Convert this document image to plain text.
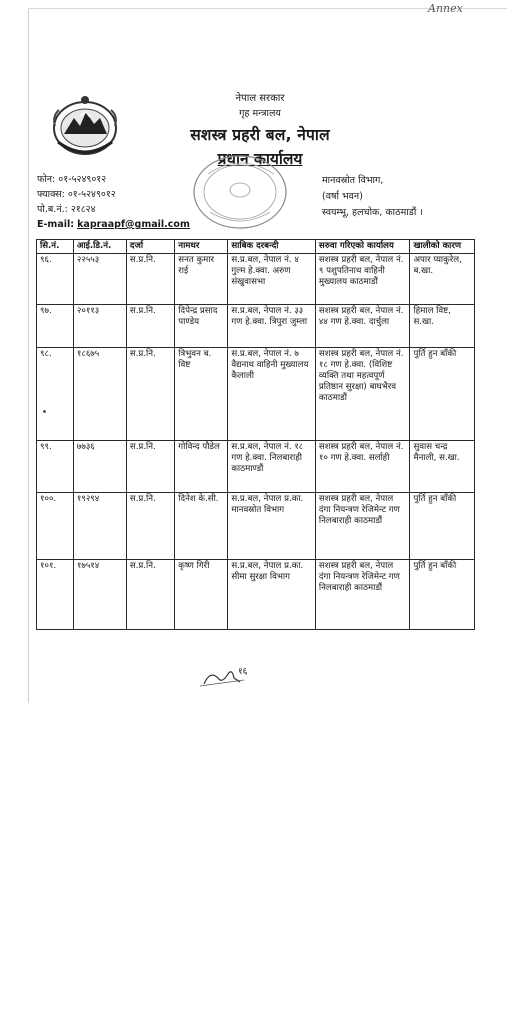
Annex
नेपाल सरकार
गृह मन्त्रालय
सशस्त्र प्रहरी बल, नेपाल
प्रधान कार्यालय
फोन: ०१-५२४९०१२
फ्याक्स: ०१-५२४९०१२
पो.ब.नं.: २१८२४
E-mail: kapraapf@gmail.com
मानवस्रोत विभाग,
(वर्षा भवन)
स्वयम्भू, हलचोक, काठमाडौं ।
सि.नं.	आई.डि.नं.	दर्जा	नामथर	साबिक दरबन्दी	सरुवा गरिएको कार्यालय	खालीको कारण
९६.	२२५५३	स.प्र.नि.	सनत कुमार राई	स.प्र.बल, नेपाल नं. ४ गुल्म हे.क्वा. अरुण संखुवासभा	सशस्त्र प्रहरी बल, नेपाल नं. ९ पशुपतिनाथ वाहिनी मुख्यालय काठमाडौं	अपार प्याकुरेल, ब.खा.
९७.	२०११३	स.प्र.नि.	दिपेन्द्र प्रसाद पाण्डेय	स.प्र.बल, नेपाल नं. ३३ गण हे.क्वा. त्रिपुरा जुम्ला	सशस्त्र प्रहरी बल, नेपाल नं. ४४ गण हे.क्वा. दार्चुला	हिमाल विष्ट, स.खा.
९८.	१८६७५	स.प्र.नि.	त्रिभुवन ब. विष्ट	स.प्र.बल, नेपाल नं. ७ वैद्यनाथ वाहिनी मुख्यालय कैलाली	सशस्त्र प्रहरी बल, नेपाल नं. १८ गण हे.क्वा. (विशिष्ट व्यक्ति तथा महत्वपूर्ण प्रतिष्ठान सुरक्षा) बाघभैरव काठमाडौं	पुर्ति हुन बाँकी
९९.	७७३६	स.प्र.नि.	गोविन्द पौडेल	स.प्र.बल, नेपाल नं. १८ गण हे.क्वा. निलबाराही काठमाण्डौं	सशस्त्र प्रहरी बल, नेपाल नं. १० गण हे.क्वा. सर्लाही	सुवास चन्द्र मैनाली, स.खा.
१००.	१९२९४	स.प्र.नि.	दिनेश के.सी.	स.प्र.बल, नेपाल प्र.का. मानवस्रोत विभाग	सशस्त्र प्रहरी बल, नेपाल दंगा नियन्त्रण रेजिमेन्ट गण निलबाराही काठमाडौं	पुर्ति हुन बाँकी
१०१.	१७५१४	स.प्र.नि.	कृष्ण गिरी	स.प्र.बल, नेपाल प्र.का. सीमा सुरक्षा विभाग	सशस्त्र प्रहरी बल, नेपाल दंगा नियन्त्रण रेजिमेन्ट गण निलबाराही काठमाडौं	पुर्ति हुन बाँकी
१६
